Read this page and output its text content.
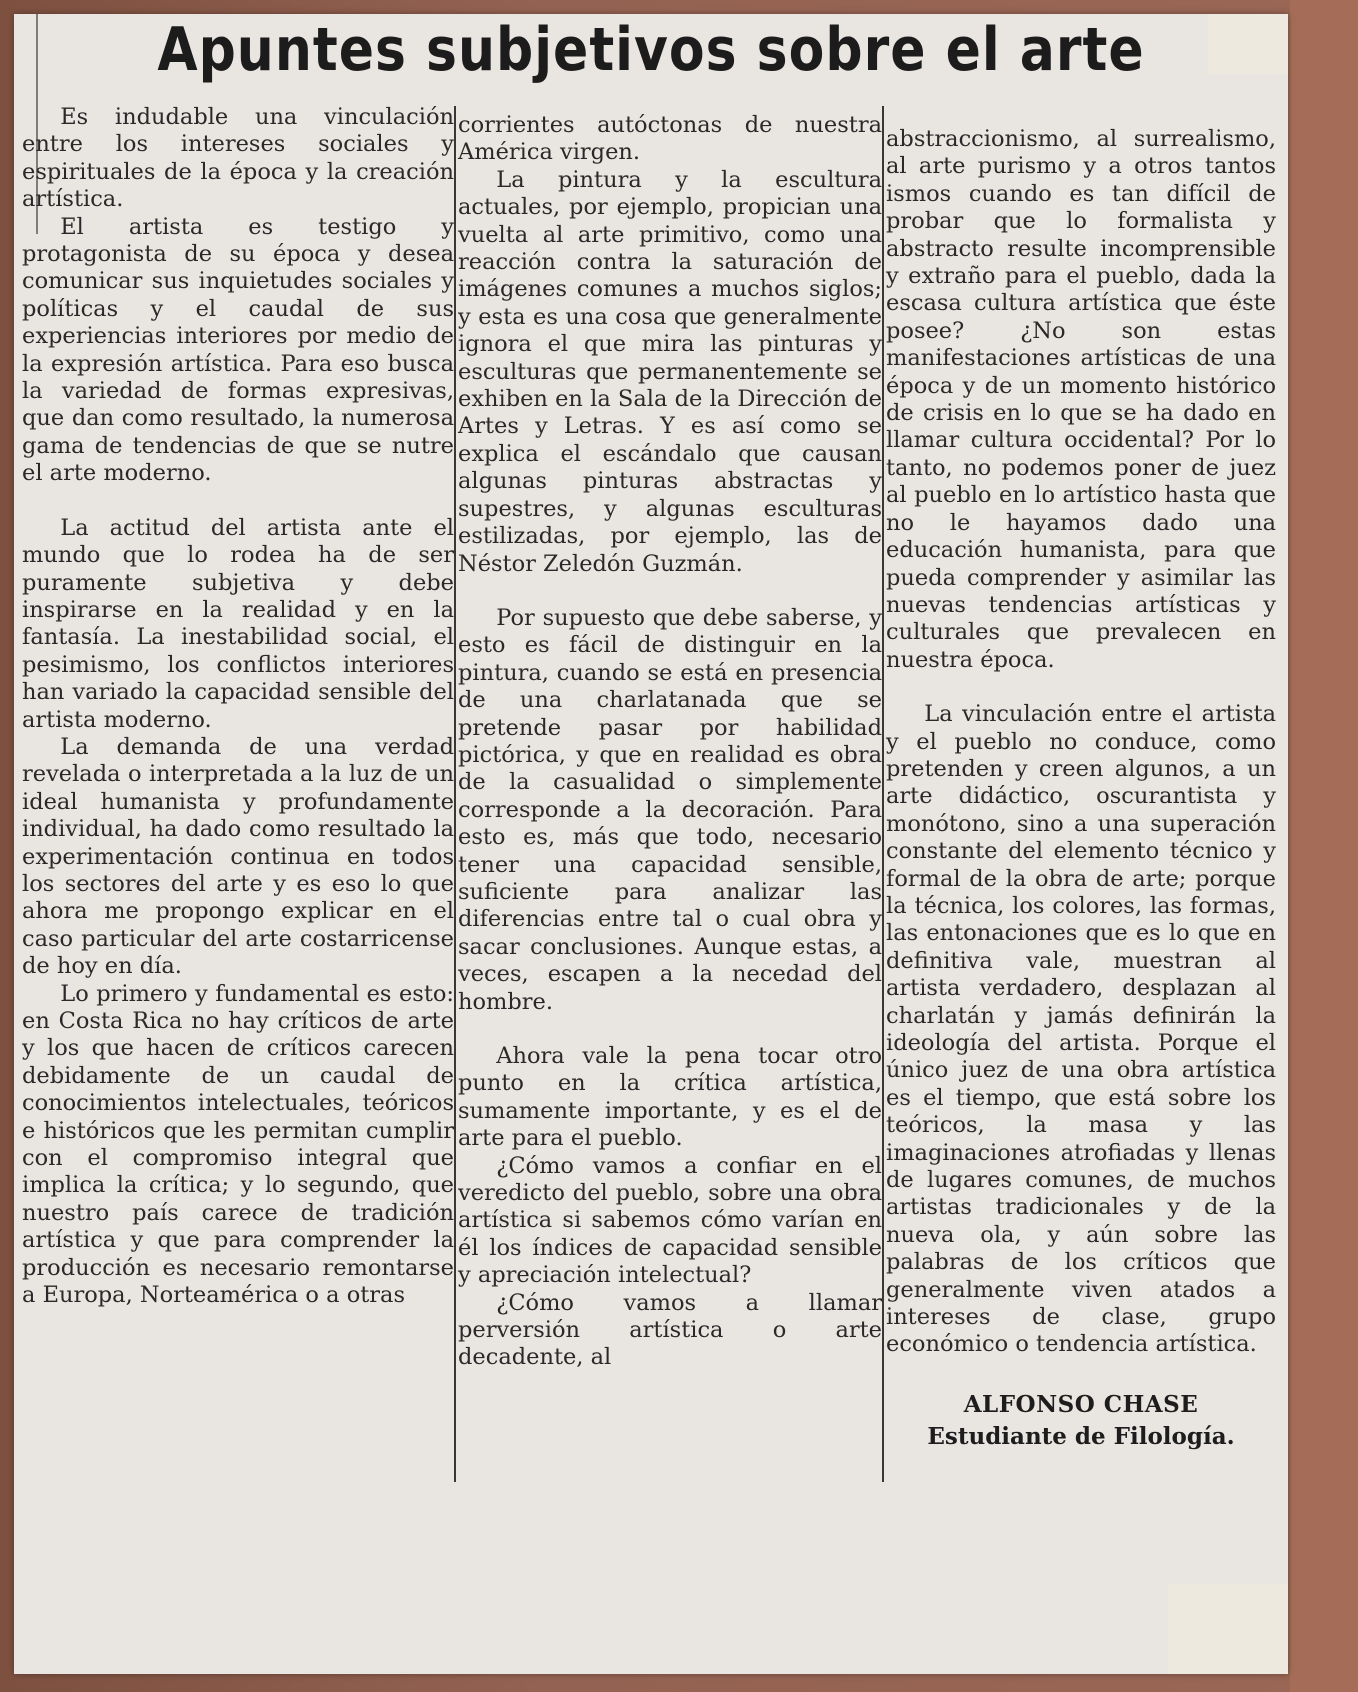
Apuntes subjetivos sobre el arte

Es indudable una vinculación entre los intereses sociales y espirituales de la época y la creación artística.

El artista es testigo y protagonista de su época y desea comunicar sus inquietudes sociales y políticas y el caudal de sus experiencias interiores por medio de la expresión artística. Para eso busca la variedad de formas expresivas, que dan como resultado, la numerosa gama de tendencias de que se nutre el arte moderno.

La actitud del artista ante el mundo que lo rodea ha de ser puramente subjetiva y debe inspirarse en la realidad y en la fantasía. La inestabilidad social, el pesimismo, los conflictos interiores han variado la capacidad sensible del artista moderno.

La demanda de una verdad revelada o interpretada a la luz de un ideal humanista y profundamente individual, ha dado como resultado la experimentación continua en todos los sectores del arte y es eso lo que ahora me propongo explicar en el caso particular del arte costarricense de hoy en día.

Lo primero y fundamental es esto: en Costa Rica no hay críticos de arte y los que hacen de críticos carecen debidamente de un caudal de conocimientos intelectuales, teóricos e históricos que les permitan cumplir con el compromiso integral que implica la crítica; y lo segundo, que nuestro país carece de tradición artística y que para comprender la producción es necesario remontarse a Europa, Norteamérica o a otras

corrientes autóctonas de nuestra América virgen.

La pintura y la escultura actuales, por ejemplo, propician una vuelta al arte primitivo, como una reacción contra la saturación de imágenes comunes a muchos siglos; y esta es una cosa que generalmente ignora el que mira las pinturas y esculturas que permanentemente se exhiben en la Sala de la Dirección de Artes y Letras. Y es así como se explica el escándalo que causan algunas pinturas abstractas y supestres, y algunas esculturas estilizadas, por ejemplo, las de Néstor Zeledón Guzmán.

Por supuesto que debe saberse, y esto es fácil de distinguir en la pintura, cuando se está en presencia de una charlatanada que se pretende pasar por habilidad pictórica, y que en realidad es obra de la casualidad o simplemente corresponde a la decoración. Para esto es, más que todo, necesario tener una capacidad sensible, suficiente para analizar las diferencias entre tal o cual obra y sacar conclusiones. Aunque estas, a veces, escapen a la necedad del hombre.

Ahora vale la pena tocar otro punto en la crítica artística, sumamente importante, y es el de arte para el pueblo.

¿Cómo vamos a confiar en el veredicto del pueblo, sobre una obra artística si sabemos cómo varían en él los índices de capacidad sensible y apreciación intelectual?

¿Cómo vamos a llamar perversión artística o arte decadente, al

abstraccionismo, al surrealismo, al arte purismo y a otros tantos ismos cuando es tan difícil de probar que lo formalista y abstracto resulte incomprensible y extraño para el pueblo, dada la escasa cultura artística que éste posee? ¿No son estas manifestaciones artísticas de una época y de un momento histórico de crisis en lo que se ha dado en llamar cultura occidental? Por lo tanto, no podemos poner de juez al pueblo en lo artístico hasta que no le hayamos dado una educación humanista, para que pueda comprender y asimilar las nuevas tendencias artísticas y culturales que prevalecen en nuestra época.

La vinculación entre el artista y el pueblo no conduce, como pretenden y creen algunos, a un arte didáctico, oscurantista y monótono, sino a una superación constante del elemento técnico y formal de la obra de arte; porque la técnica, los colores, las formas, las entonaciones que es lo que en definitiva vale, muestran al artista verdadero, desplazan al charlatán y jamás definirán la ideología del artista. Porque el único juez de una obra artística es el tiempo, que está sobre los teóricos, la masa y las imaginaciones atrofiadas y llenas de lugares comunes, de muchos artistas tradicionales y de la nueva ola, y aún sobre las palabras de los críticos que generalmente viven atados a intereses de clase, grupo económico o tendencia artística.

ALFONSO CHASE
Estudiante de Filología.
